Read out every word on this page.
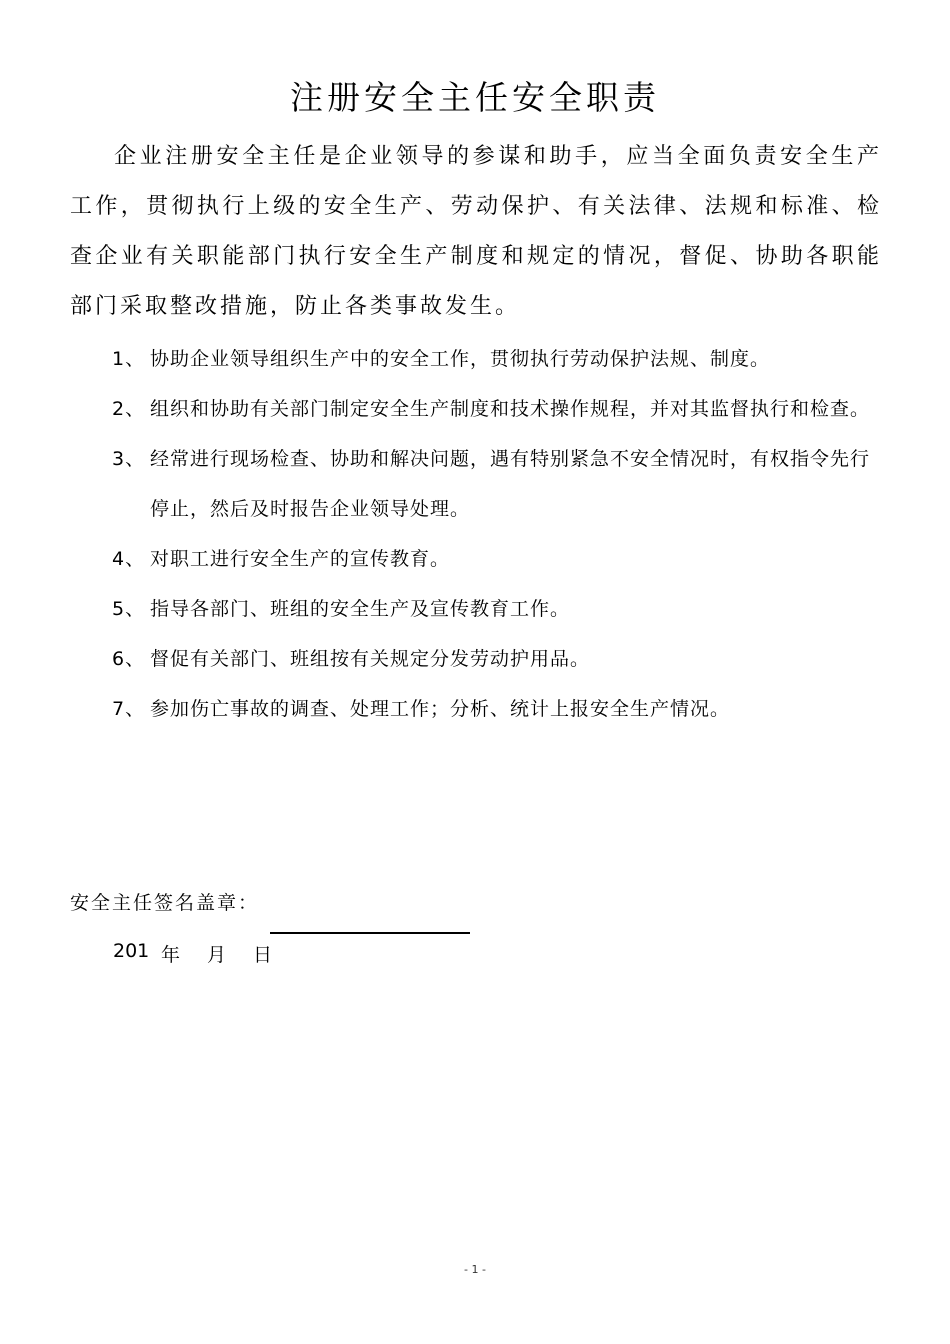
注册安全主任安全职责

企业注册安全主任是企业领导的参谋和助手，应当全面负责安全生产工作，贯彻执行上级的安全生产、劳动保护、有关法律、法规和标准、检查企业有关职能部门执行安全生产制度和规定的情况，督促、协助各职能部门采取整改措施，防止各类事故发生。

1、 协助企业领导组织生产中的安全工作，贯彻执行劳动保护法规、制度。
2、 组织和协助有关部门制定安全生产制度和技术操作规程，并对其监督执行和检查。
3、 经常进行现场检查、协助和解决问题，遇有特别紧急不安全情况时，有权指令先行停止，然后及时报告企业领导处理。
4、 对职工进行安全生产的宣传教育。
5、 指导各部门、班组的安全生产及宣传教育工作。
6、 督促有关部门、班组按有关规定分发劳动护用品。
7、 参加伤亡事故的调查、处理工作；分析、统计上报安全生产情况。
安全主任签名盖章：
201 年	月	日
- 1 -
